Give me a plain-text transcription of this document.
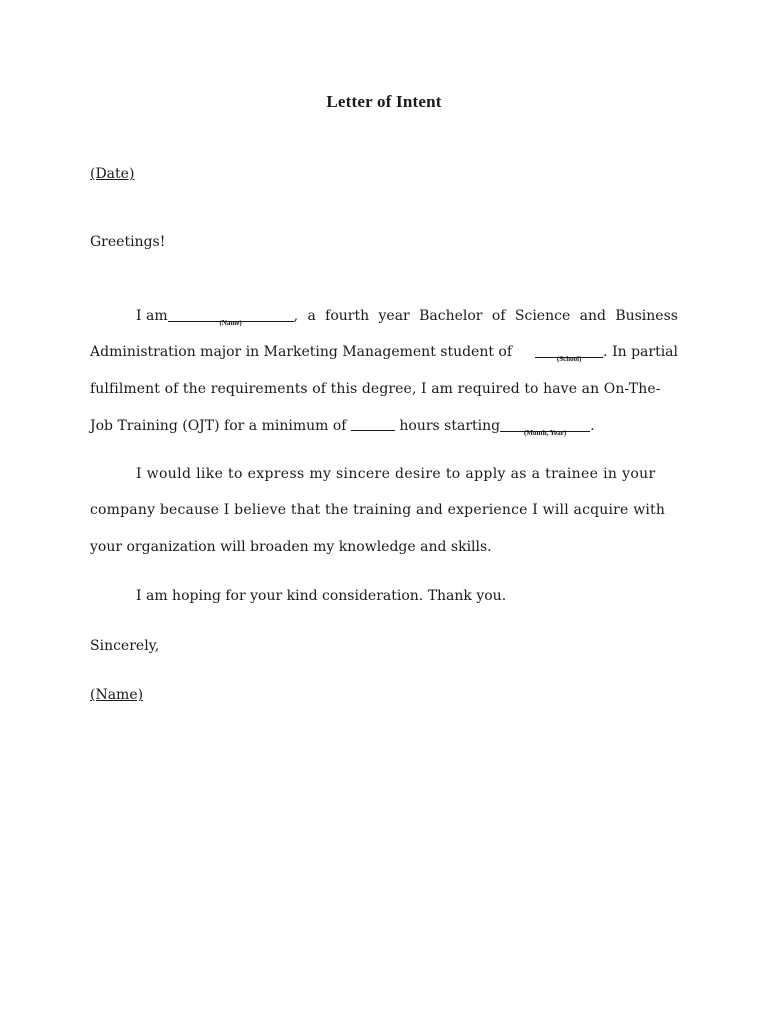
Letter of Intent
(Date)
Greetings!
I am	(Name)	, a fourth year Bachelor of Science and Business
Administration major in Marketing Management student of	(School) . In partial
fulfilment of the requirements of this degree, I am required to have an On-The-
Job Training (OJT) for a minimum of	hours starting	(Month, Year) .
I would like to express my sincere desire to apply as a trainee in your
company because I believe that the training and experience I will acquire with
your organization will broaden my knowledge and skills.
I am hoping for your kind consideration. Thank you.
Sincerely,
(Name)
